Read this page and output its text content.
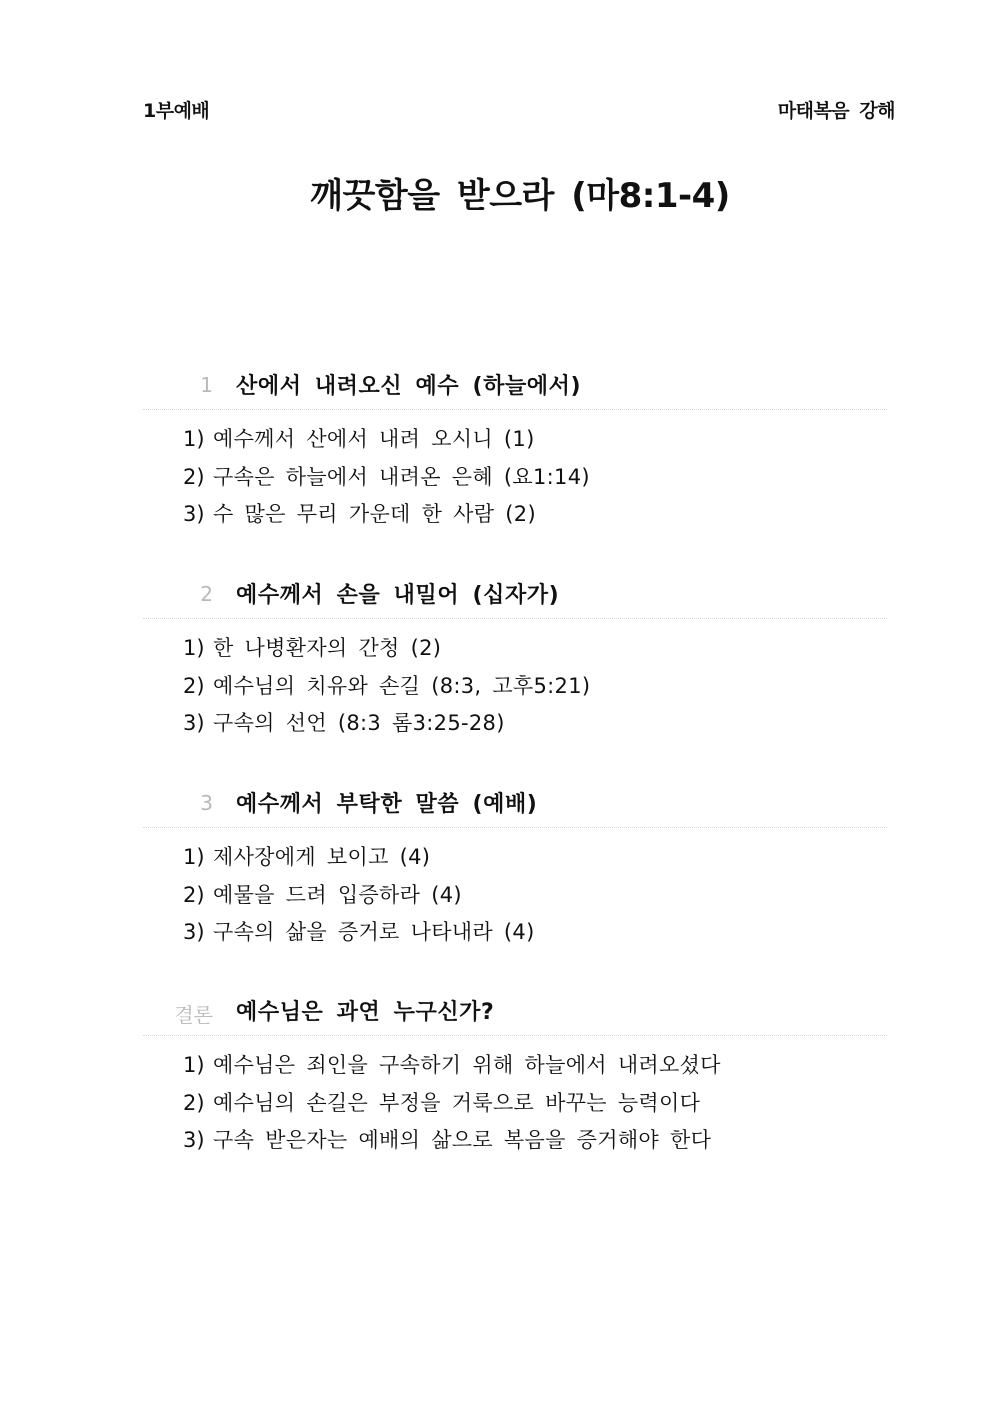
1부예배	마태복음 강해
깨끗함을 받으라 (마8:1-4)
1 산에서 내려오신 예수 (하늘에서)
1) 예수께서 산에서 내려 오시니 (1)
2) 구속은 하늘에서 내려온 은혜 (요1:14)
3) 수 많은 무리 가운데 한 사람 (2)
2 예수께서 손을 내밀어 (십자가)
1) 한 나병환자의 간청 (2)
2) 예수님의 치유와 손길 (8:3, 고후5:21)
3) 구속의 선언 (8:3 롬3:25-28)
3 예수께서 부탁한 말씀 (예배)
1) 제사장에게 보이고 (4)
2) 예물을 드려 입증하라 (4)
3) 구속의 삶을 증거로 나타내라 (4)
결론 예수님은 과연 누구신가?
1) 예수님은 죄인을 구속하기 위해 하늘에서 내려오셨다
2) 예수님의 손길은 부정을 거룩으로 바꾸는 능력이다
3) 구속 받은자는 예배의 삶으로 복음을 증거해야 한다
